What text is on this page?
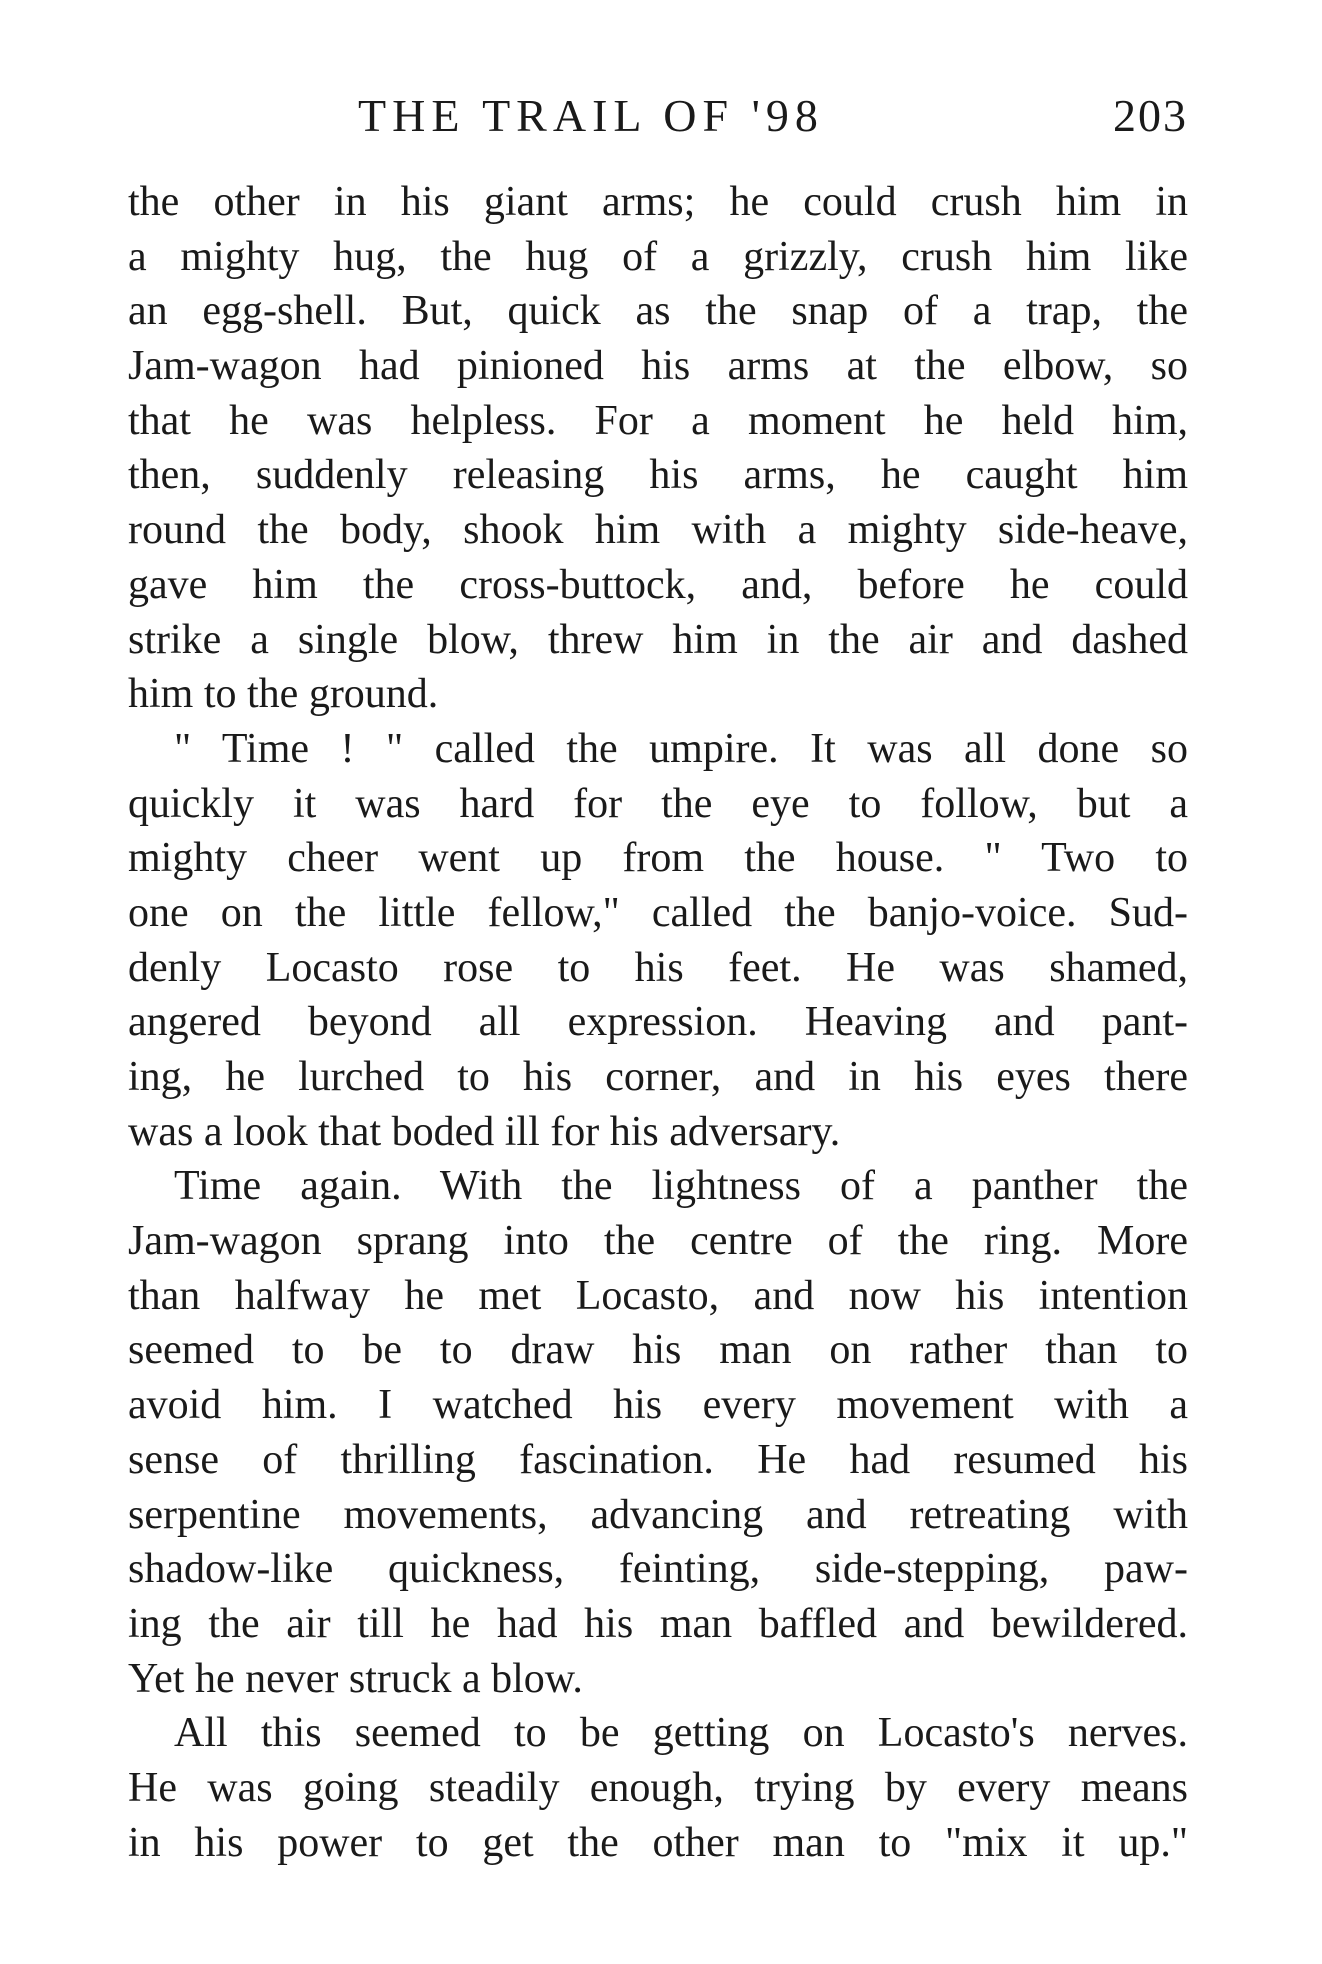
THE TRAIL OF '98	203
the other in his giant arms; he could crush him in
a mighty hug, the hug of a grizzly, crush him like
an egg-shell. But, quick as the snap of a trap, the
Jam-wagon had pinioned his arms at the elbow, so
that he was helpless. For a moment he held him,
then, suddenly releasing his arms, he caught him
round the body, shook him with a mighty side-heave,
gave him the cross-buttock, and, before he could
strike a single blow, threw him in the air and dashed
him to the ground.
" Time ! " called the umpire. It was all done so
quickly it was hard for the eye to follow, but a
mighty cheer went up from the house. " Two to
one on the little fellow," called the banjo-voice. Sud-
denly Locasto rose to his feet. He was shamed,
angered beyond all expression. Heaving and pant-
ing, he lurched to his corner, and in his eyes there
was a look that boded ill for his adversary.
Time again. With the lightness of a panther the
Jam-wagon sprang into the centre of the ring. More
than halfway he met Locasto, and now his intention
seemed to be to draw his man on rather than to
avoid him. I watched his every movement with a
sense of thrilling fascination. He had resumed his
serpentine movements, advancing and retreating with
shadow-like quickness, feinting, side-stepping, paw-
ing the air till he had his man baffled and bewildered.
Yet he never struck a blow.
All this seemed to be getting on Locasto's nerves.
He was going steadily enough, trying by every means
in his power to get the other man to "mix it up."
